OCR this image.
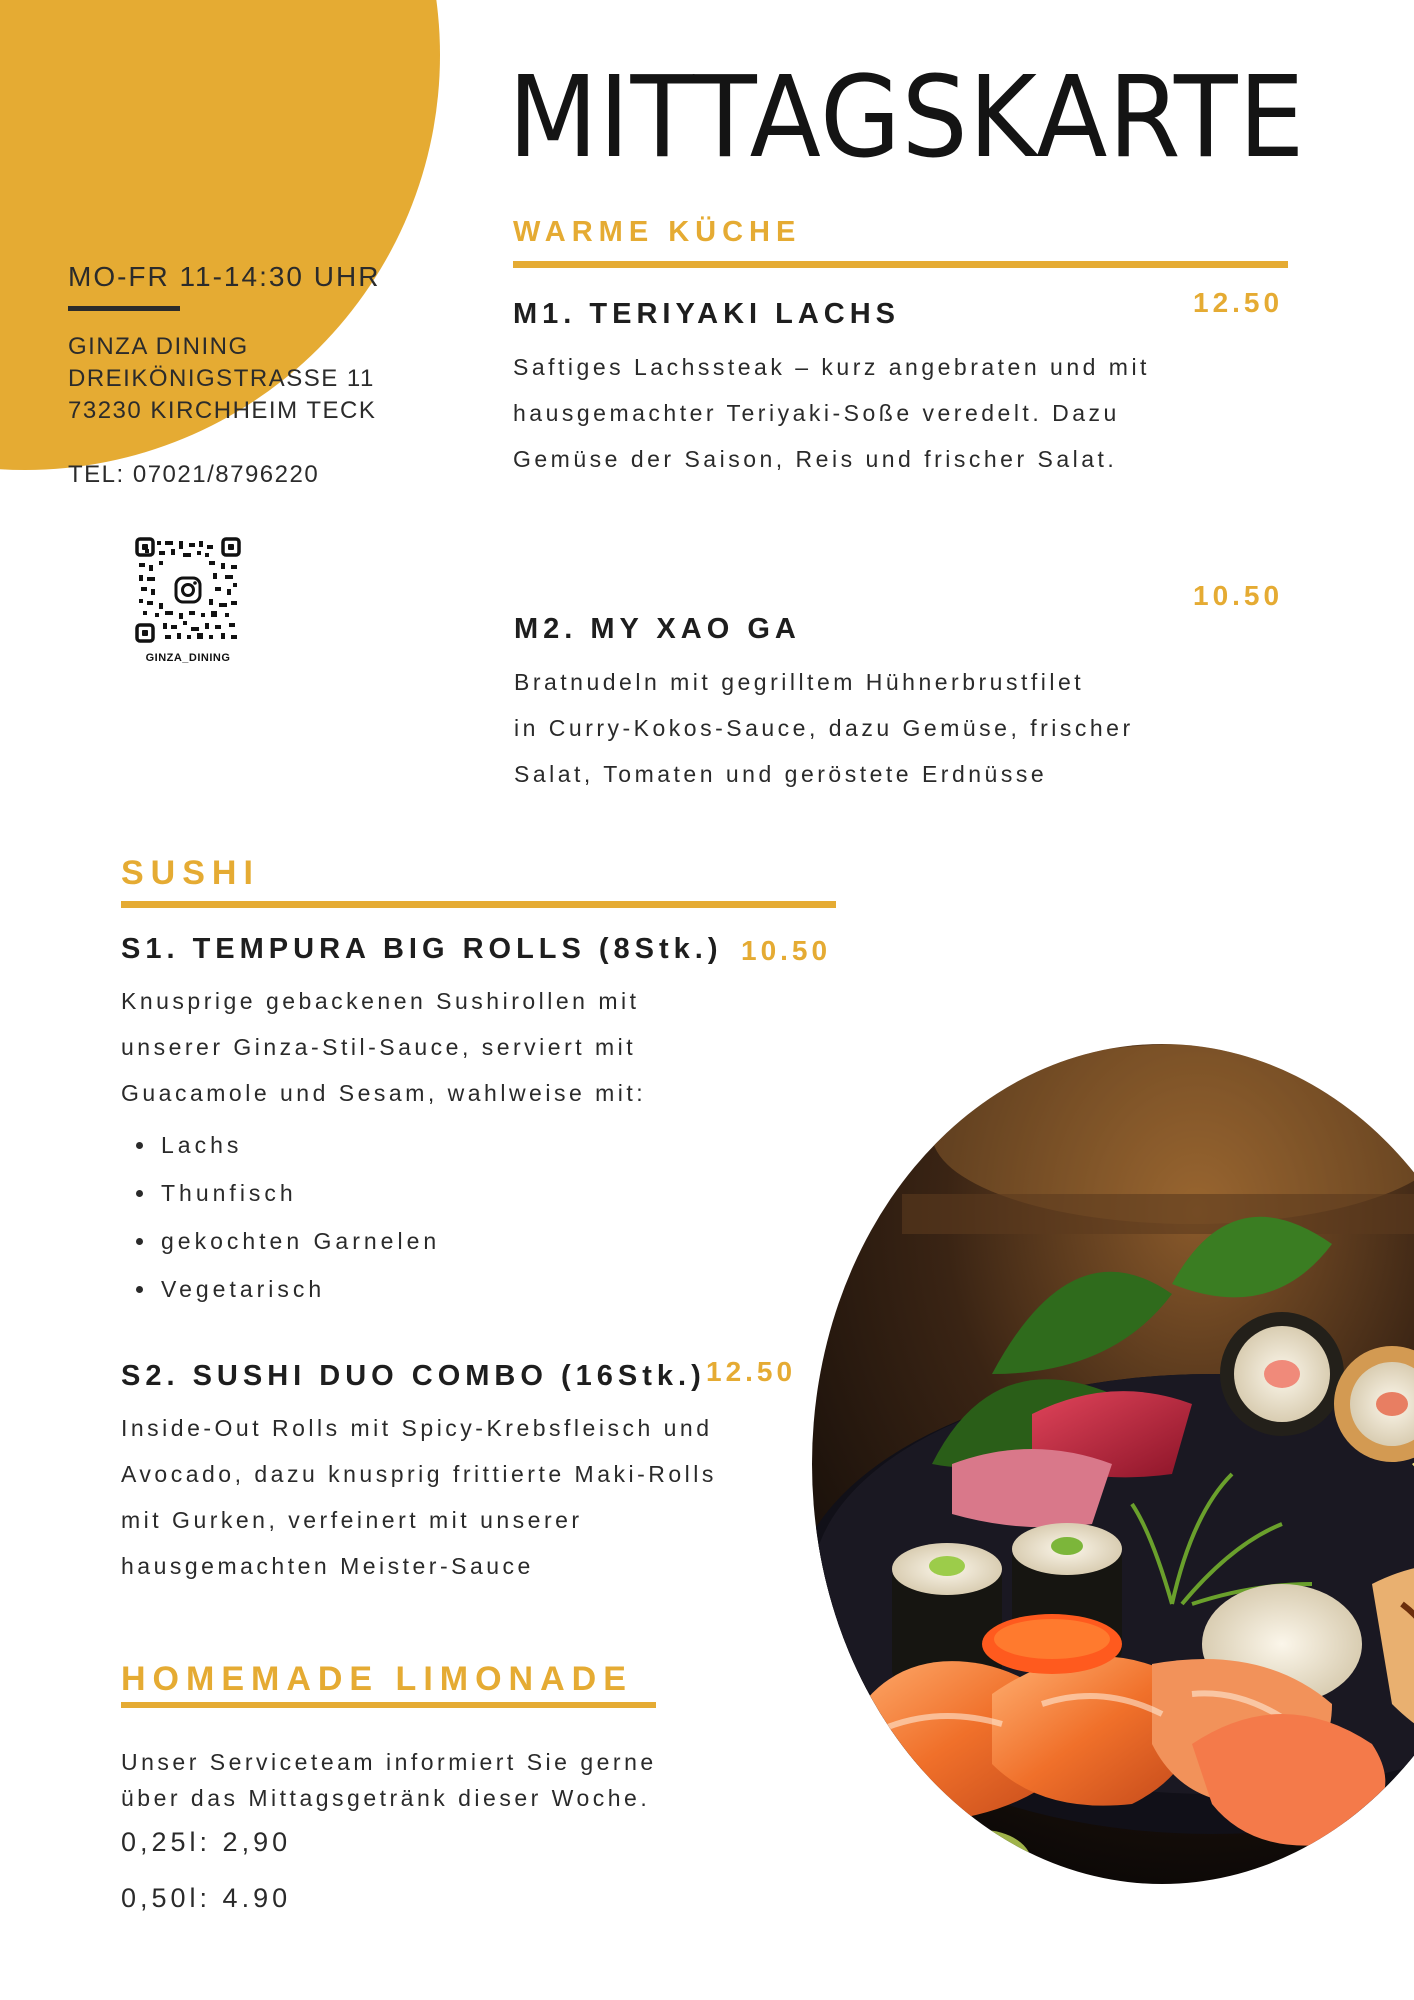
MITTAGSKARTE
MO-FR 11-14:30 UHR
GINZA DINING
DREIKÖNIGSTRASSE 11
73230 KIRCHHEIM TECK
TEL: 07021/8796220
GINZA_DINING
WARME KÜCHE
M1. TERIYAKI LACHS	12.50
Saftiges Lachssteak – kurz angebraten und mit
hausgemachter Teriyaki-Soße veredelt. Dazu
Gemüse der Saison, Reis und frischer Salat.
M2. MY XAO GA
10.50
Bratnudeln mit gegrilltem Hühnerbrustfilet
in Curry-Kokos-Sauce, dazu Gemüse, frischer
Salat, Tomaten und geröstete Erdnüsse
SUSHI
S1. TEMPURA BIG ROLLS (8Stk.) 10.50
Knusprige gebackenen Sushirollen mit
unserer Ginza-Stil-Sauce, serviert mit
Guacamole und Sesam, wahlweise mit:
Lachs
Thunfisch
gekochten Garnelen
Vegetarisch
S2. SUSHI DUO COMBO (16Stk.) 12.50
Inside-Out Rolls mit Spicy-Krebsfleisch und
Avocado, dazu knusprig frittierte Maki-Rolls
mit Gurken, verfeinert mit unserer
hausgemachten Meister-Sauce
HOMEMADE LIMONADE
Unser Serviceteam informiert Sie gerne
über das Mittagsgetränk dieser Woche.
0,25l: 2,90
0,50l: 4.90
